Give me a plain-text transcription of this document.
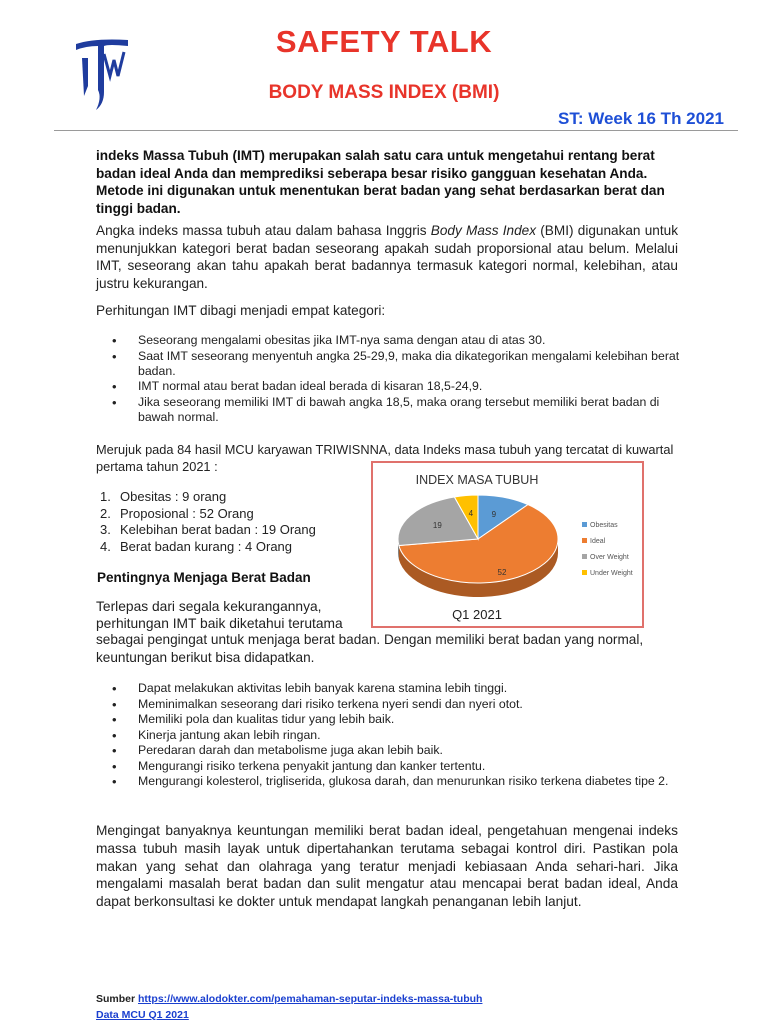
SAFETY TALK
BODY MASS INDEX (BMI)
ST: Week 16 Th 2021

indeks Massa Tubuh (IMT) merupakan salah satu cara untuk mengetahui rentang berat badan ideal Anda dan memprediksi seberapa besar risiko gangguan kesehatan Anda. Metode ini digunakan untuk menentukan berat badan yang sehat berdasarkan berat dan tinggi badan.

Angka indeks massa tubuh atau dalam bahasa Inggris Body Mass Index (BMI) digunakan untuk menunjukkan kategori berat badan seseorang apakah sudah proporsional atau belum. Melalui IMT, seseorang akan tahu apakah berat badannya termasuk kategori normal, kelebihan, atau justru kekurangan.

Perhitungan IMT dibagi menjadi empat kategori:

• Seseorang mengalami obesitas jika IMT-nya sama dengan atau di atas 30.
• Saat IMT seseorang menyentuh angka 25-29,9, maka dia dikategorikan mengalami kelebihan berat badan.
• IMT normal atau berat badan ideal berada di kisaran 18,5-24,9.
• Jika seseorang memiliki IMT di bawah angka 18,5, maka orang tersebut memiliki berat badan di bawah normal.

Merujuk pada 84 hasil MCU karyawan TRIWISNNA, data Indeks masa tubuh yang tercatat di kuwartal pertama tahun 2021 :

1. Obesitas : 9 orang
2. Proposional : 52 Orang
3. Kelebihan berat badan : 19 Orang
4. Berat badan kurang : 4 Orang
Pentingnya Menjaga Berat Badan
INDEX MASA TUBUH
Q1 2021
9
52
19
4
Obesitas
Ideal
Over Weight
Under Weight

Terlepas dari segala kekurangannya,

perhitungan IMT baik diketahui terutama

sebagai pengingat untuk menjaga berat badan. Dengan memiliki berat badan yang normal, keuntungan berikut bisa didapatkan.

• Dapat melakukan aktivitas lebih banyak karena stamina lebih tinggi.
• Meminimalkan seseorang dari risiko terkena nyeri sendi dan nyeri otot.
• Memiliki pola dan kualitas tidur yang lebih baik.
• Kinerja jantung akan lebih ringan.
• Peredaran darah dan metabolisme juga akan lebih baik.
• Mengurangi risiko terkena penyakit jantung dan kanker tertentu.
• Mengurangi kolesterol, trigliserida, glukosa darah, dan menurunkan risiko terkena diabetes tipe 2.

Mengingat banyaknya keuntungan memiliki berat badan ideal, pengetahuan mengenai indeks massa tubuh masih layak untuk dipertahankan terutama sebagai kontrol diri. Pastikan pola makan yang sehat dan olahraga yang teratur menjadi kebiasaan Anda sehari-hari. Jika mengalami masalah berat badan dan sulit mengatur atau mencapai berat badan ideal, Anda dapat berkonsultasi ke dokter untuk mendapat langkah penanganan lebih lanjut.

Sumber https://www.alodokter.com/pemahaman-seputar-indeks-massa-tubuh
Data MCU Q1 2021
